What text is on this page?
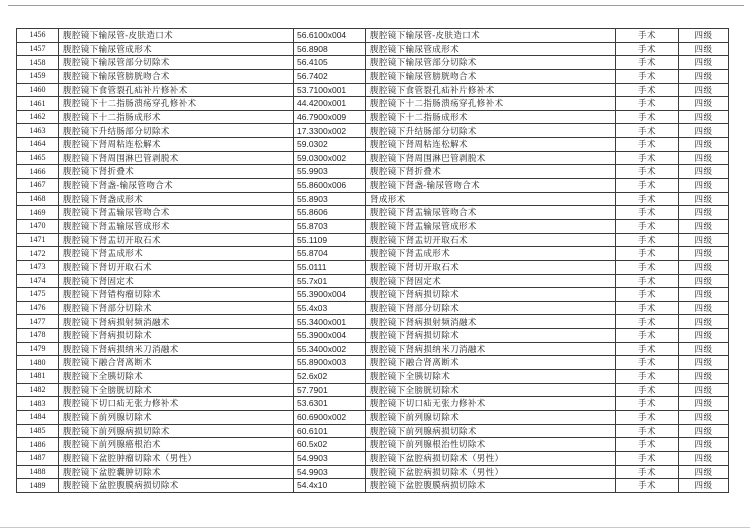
1456	腹腔镜下输尿管-皮肤造口术	56.6100x004	腹腔镜下输尿管-皮肤造口术	手术	四级
1457	腹腔镜下输尿管成形术	56.8908	腹腔镜下输尿管成形术	手术	四级
1458	腹腔镜下输尿管部分切除术	56.4105	腹腔镜下输尿管部分切除术	手术	四级
1459	腹腔镜下输尿管膀胱吻合术	56.7402	腹腔镜下输尿管膀胱吻合术	手术	四级
1460	腹腔镜下食管裂孔疝补片修补术	53.7100x001	腹腔镜下食管裂孔疝补片修补术	手术	四级
1461	腹腔镜下十二指肠溃疡穿孔修补术	44.4200x001	腹腔镜下十二指肠溃疡穿孔修补术	手术	四级
1462	腹腔镜下十二指肠成形术	46.7900x009	腹腔镜下十二指肠成形术	手术	四级
1463	腹腔镜下升结肠部分切除术	17.3300x002	腹腔镜下升结肠部分切除术	手术	四级
1464	腹腔镜下肾周粘连松解术	59.0302	腹腔镜下肾周粘连松解术	手术	四级
1465	腹腔镜下肾周围淋巴管剥脱术	59.0300x002	腹腔镜下肾周围淋巴管剥脱术	手术	四级
1466	腹腔镜下肾折叠术	55.9903	腹腔镜下肾折叠术	手术	四级
1467	腹腔镜下肾盏-输尿管吻合术	55.8600x006	腹腔镜下肾盏-输尿管吻合术	手术	四级
1468	腹腔镜下肾盏成形术	55.8903	肾成形术	手术	四级
1469	腹腔镜下肾盂输尿管吻合术	55.8606	腹腔镜下肾盂输尿管吻合术	手术	四级
1470	腹腔镜下肾盂输尿管成形术	55.8703	腹腔镜下肾盂输尿管成形术	手术	四级
1471	腹腔镜下肾盂切开取石术	55.1109	腹腔镜下肾盂切开取石术	手术	四级
1472	腹腔镜下肾盂成形术	55.8704	腹腔镜下肾盂成形术	手术	四级
1473	腹腔镜下肾切开取石术	55.0111	腹腔镜下肾切开取石术	手术	四级
1474	腹腔镜下肾固定术	55.7x01	腹腔镜下肾固定术	手术	四级
1475	腹腔镜下肾错构瘤切除术	55.3900x004	腹腔镜下肾病损切除术	手术	四级
1476	腹腔镜下肾部分切除术	55.4x03	腹腔镜下肾部分切除术	手术	四级
1477	腹腔镜下肾病损射频消融术	55.3400x001	腹腔镜下肾病损射频消融术	手术	四级
1478	腹腔镜下肾病损切除术	55.3900x004	腹腔镜下肾病损切除术	手术	四级
1479	腹腔镜下肾病损纳米刀消融术	55.3400x002	腹腔镜下肾病损纳米刀消融术	手术	四级
1480	腹腔镜下融合肾离断术	55.8900x003	腹腔镜下融合肾离断术	手术	四级
1481	腹腔镜下全胰切除术	52.6x02	腹腔镜下全胰切除术	手术	四级
1482	腹腔镜下全膀胱切除术	57.7901	腹腔镜下全膀胱切除术	手术	四级
1483	腹腔镜下切口疝无张力修补术	53.6301	腹腔镜下切口疝无张力修补术	手术	四级
1484	腹腔镜下前列腺切除术	60.6900x002	腹腔镜下前列腺切除术	手术	四级
1485	腹腔镜下前列腺病损切除术	60.6101	腹腔镜下前列腺病损切除术	手术	四级
1486	腹腔镜下前列腺癌根治术	60.5x02	腹腔镜下前列腺根治性切除术	手术	四级
1487	腹腔镜下盆腔肿瘤切除术（男性）	54.9903	腹腔镜下盆腔病损切除术（男性）	手术	四级
1488	腹腔镜下盆腔囊肿切除术	54.9903	腹腔镜下盆腔病损切除术（男性）	手术	四级
1489	腹腔镜下盆腔腹膜病损切除术	54.4x10	腹腔镜下盆腔腹膜病损切除术	手术	四级
